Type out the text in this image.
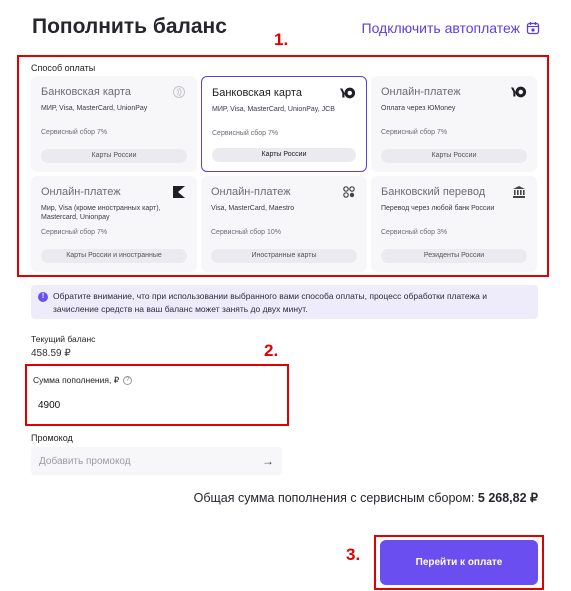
Пополнить баланс	Подключить автоплатеж
1.
Способ оплаты
Банковская карта
МИР, Visa, MasterCard, UnionPay
Сервисный сбор 7%
Карты России
Банковская карта
МИР, Visa, MasterCard, UnionPay, JCB
Сервисный сбор 7%
Карты России
Онлайн-платеж
Оплата через ЮMoney
Сервисный сбор 7%
Карты России
Онлайн-платеж
Мир, Visa (кроме иностранных карт), Mastercard, Unionpay
Сервисный сбор 7%
Карты России и иностранные
Онлайн-платеж
Visa, MasterCard, Maestro
Сервисный сбор 10%
Иностранные карты
Банковский перевод
Перевод через любой банк России
Сервисный сбор 3%
Резиденты России
!	Обратите внимание, что при использовании выбранного вами способа оплаты, процесс обработки платежа и зачисление средств на ваш баланс может занять до двух минут.
2.
Текущий баланс
458.59 ₽
Сумма пополнения, ₽	?
4900
Промокод
Добавить промокод
→
Общая сумма пополнения с сервисным сбором: 5 268,82 ₽
3.	Перейти к оплате
